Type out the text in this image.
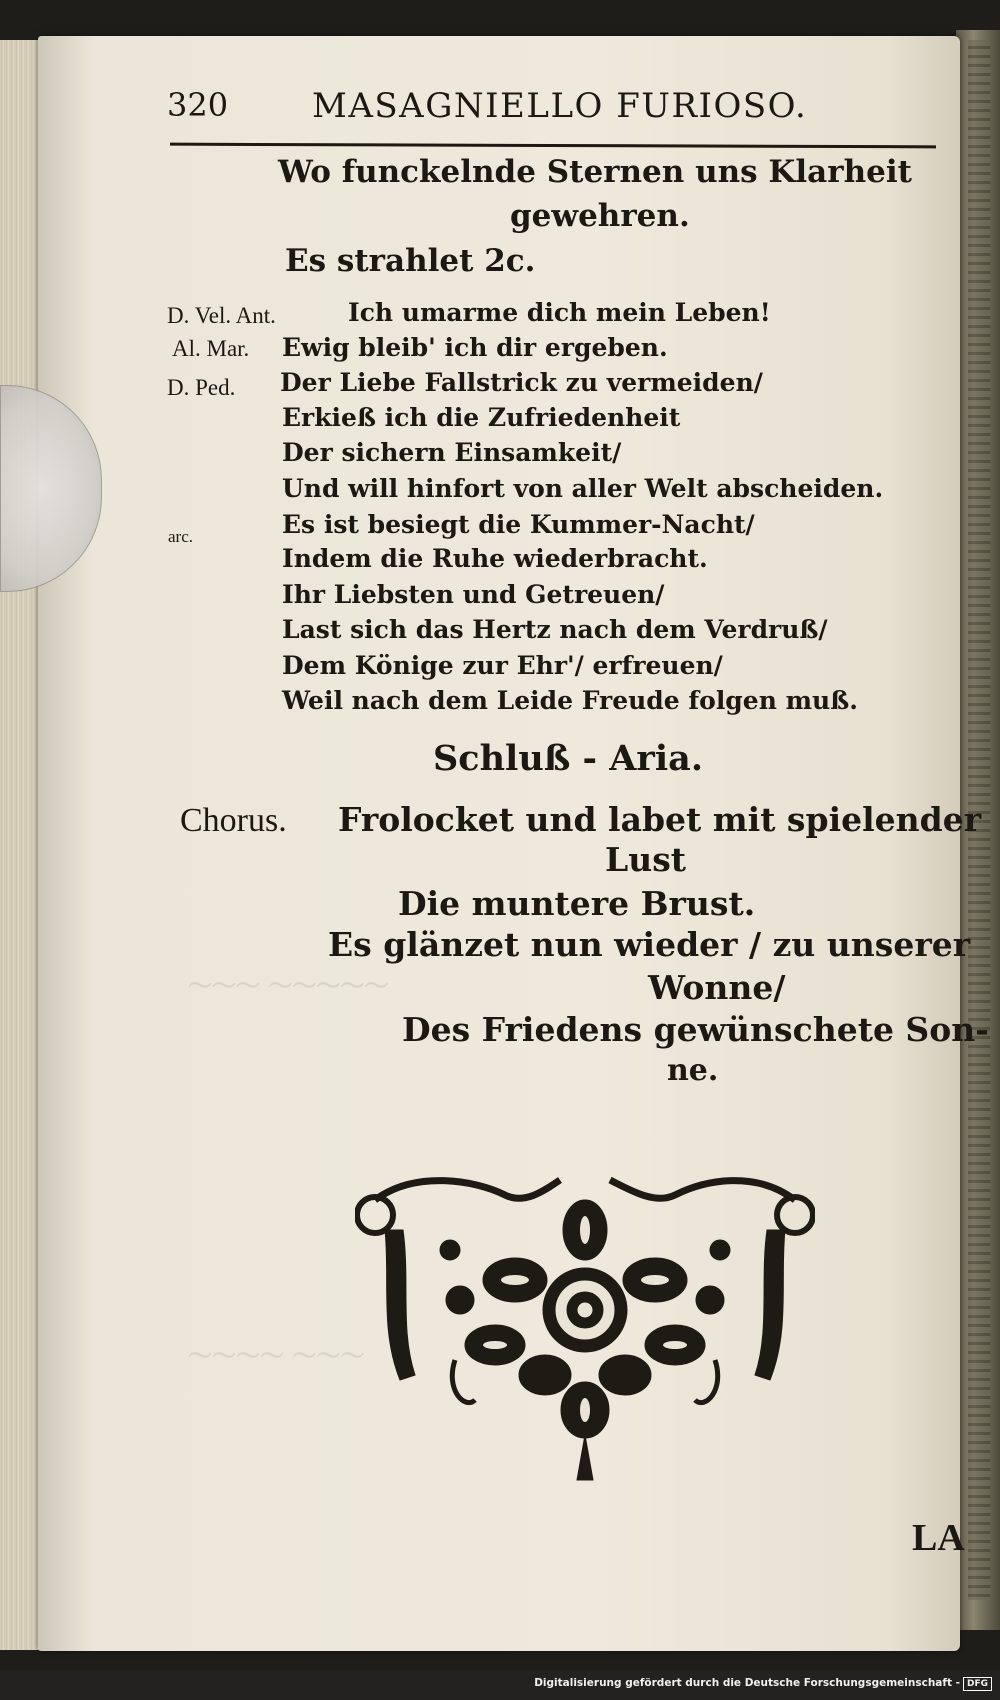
〜〜〜 〜〜〜〜〜
〜〜〜〜 〜〜〜
320 MASAGNIELLO FURIOSO.
Wo funckelnde Sternen uns Klarheit
gewehren.
Es strahlet 2c.
D. Vel. Ant.
Al. Mar.
D. Ped.
arc.
Ich umarme dich mein Leben!
Ewig bleib' ich dir ergeben.
Der Liebe Fallstrick zu vermeiden/
Erkieß ich die Zufriedenheit
Der sichern Einsamkeit/
Und will hinfort von aller Welt abscheiden.
Es ist besiegt die Kummer-Nacht/
Indem die Ruhe wiederbracht.
Ihr Liebsten und Getreuen/
Last sich das Hertz nach dem Verdruß/
Dem Könige zur Ehr'/ erfreuen/
Weil nach dem Leide Freude folgen muß.
Schluß - Aria.
Chorus. Frolocket und labet mit spielender
Lust
Die muntere Brust.
Es glänzet nun wieder / zu unserer
Wonne/
Des Friedens gewünschete Son-
ne.
LA
Digitalisierung gefördert durch die Deutsche Forschungsgemeinschaft - DFG
